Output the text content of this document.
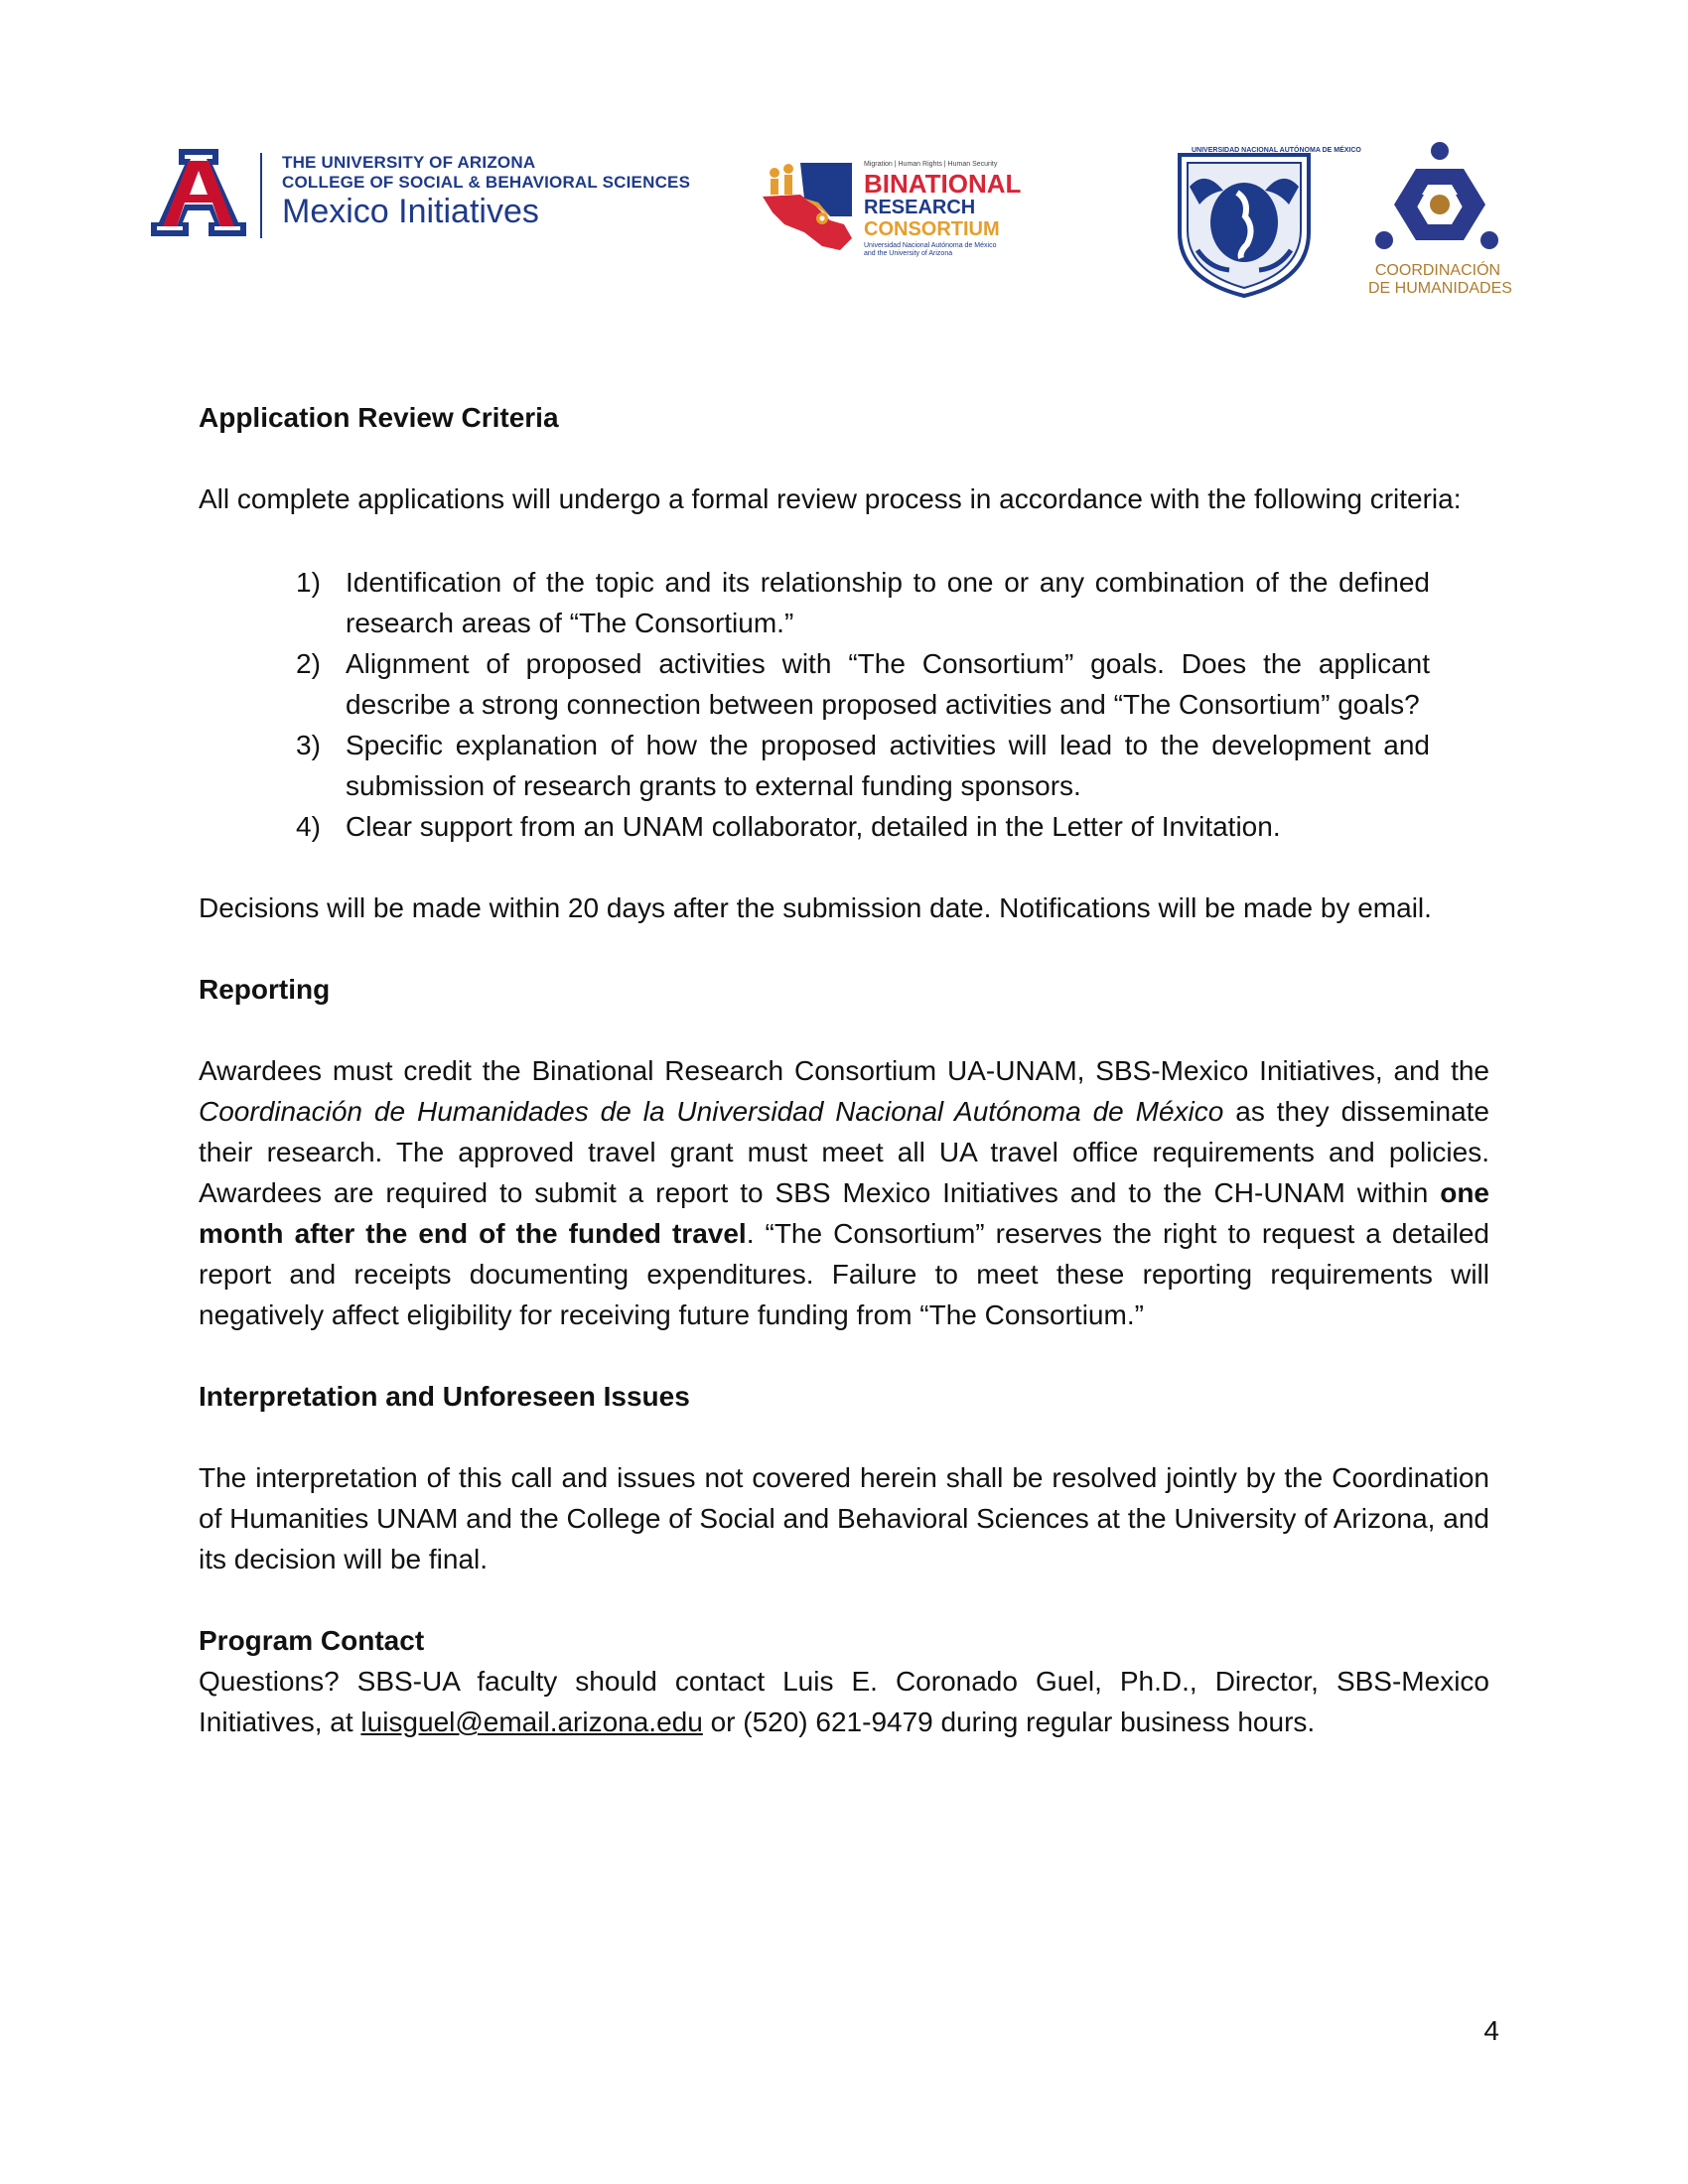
THE UNIVERSITY OF ARIZONA
COLLEGE OF SOCIAL & BEHAVIORAL SCIENCES
Mexico Initiatives
Migration | Human Rights | Human Security
BINATIONAL
RESEARCH
CONSORTIUM
Universidad Nacional Autónoma de México
and the University of Arizona
UNIVERSIDAD NACIONAL AUTÓNOMA DE MÉXICO
COORDINACIÓN
DE HUMANIDADES

Application Review Criteria

All complete applications will undergo a formal review process in accordance with the following criteria:

1) Identification of the topic and its relationship to one or any combination of the defined research areas of “The Consortium.”
2) Alignment of proposed activities with “The Consortium” goals. Does the applicant describe a strong connection between proposed activities and “The Consortium” goals?
3) Specific explanation of how the proposed activities will lead to the development and submission of research grants to external funding sponsors.
4) Clear support from an UNAM collaborator, detailed in the Letter of Invitation.

Decisions will be made within 20 days after the submission date. Notifications will be made by email.

Reporting

Awardees must credit the Binational Research Consortium UA-UNAM, SBS-Mexico Initiatives, and the Coordinación de Humanidades de la Universidad Nacional Autónoma de México as they disseminate their research. The approved travel grant must meet all UA travel office requirements and policies. Awardees are required to submit a report to SBS Mexico Initiatives and to the CH-UNAM within one month after the end of the funded travel. “The Consortium” reserves the right to request a detailed report and receipts documenting expenditures. Failure to meet these reporting requirements will negatively affect eligibility for receiving future funding from “The Consortium.”

Interpretation and Unforeseen Issues

The interpretation of this call and issues not covered herein shall be resolved jointly by the Coordination of Humanities UNAM and the College of Social and Behavioral Sciences at the University of Arizona, and its decision will be final.

Program Contact

Questions? SBS-UA faculty should contact Luis E. Coronado Guel, Ph.D., Director, SBS-Mexico Initiatives, at luisguel@email.arizona.edu or (520) 621-9479 during regular business hours.

4
